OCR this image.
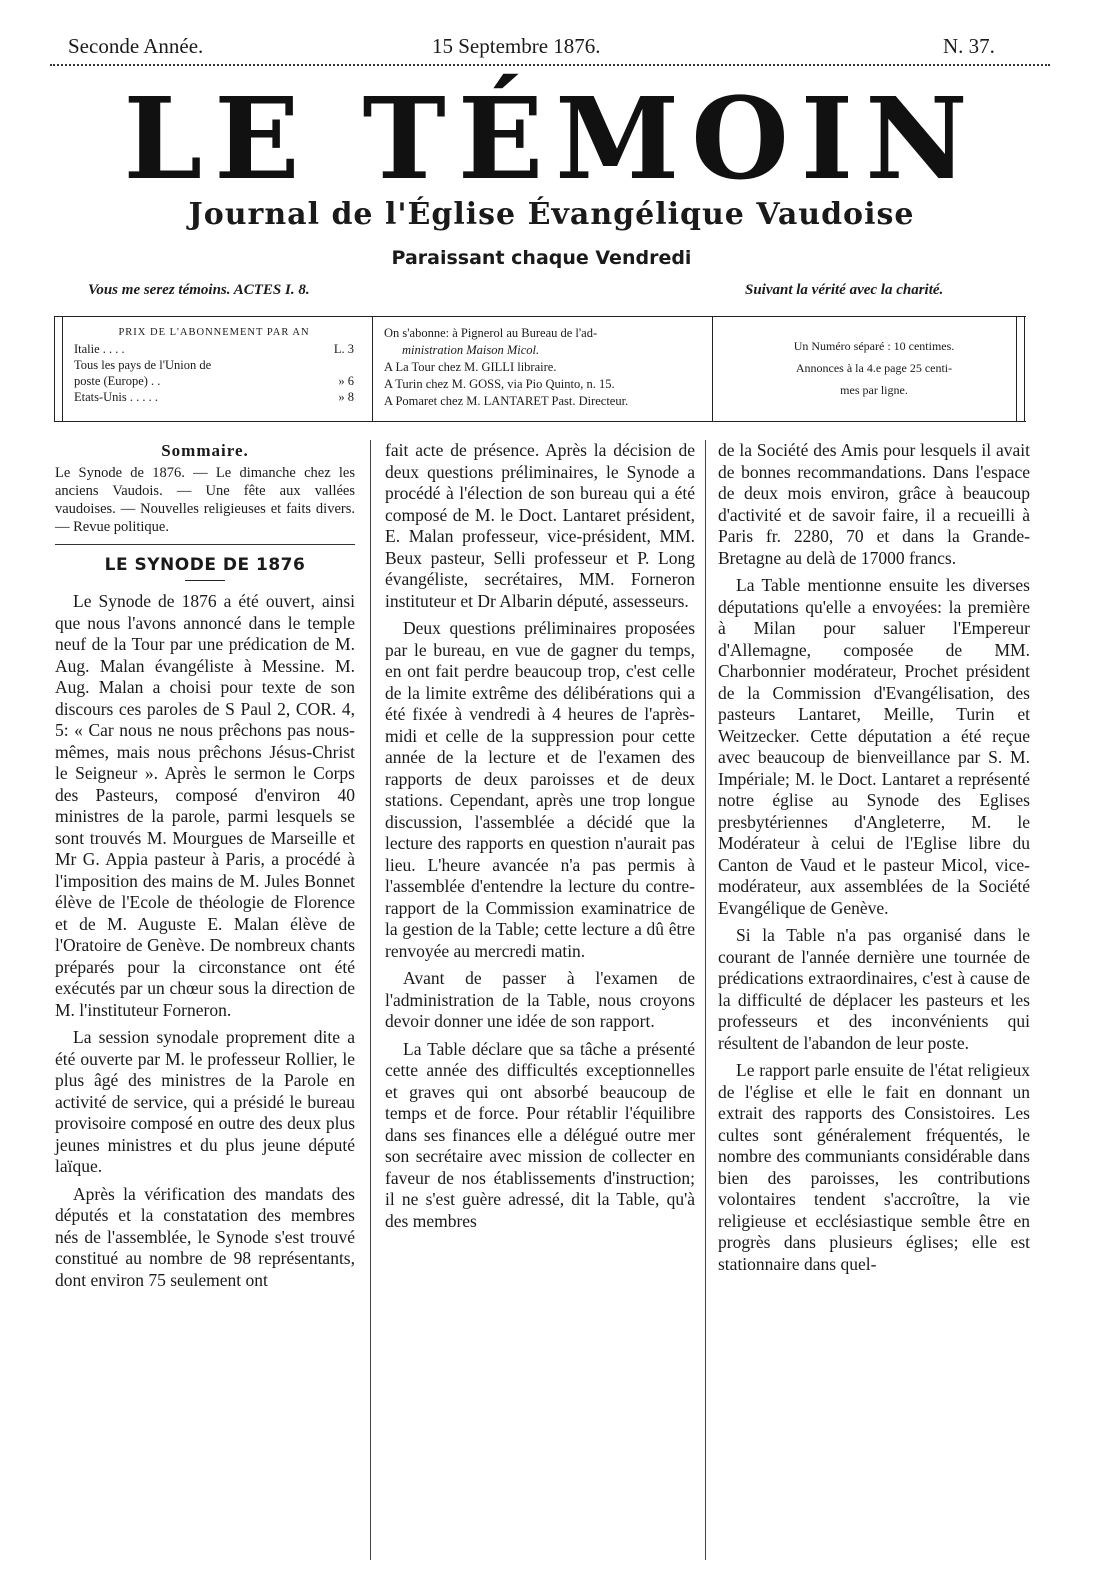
Seconde Année.	15 Septembre 1876.	N. 37.
LE TÉMOIN
Journal de l'Église Évangélique Vaudoise
Paraissant chaque Vendredi
Vous me serez témoins. ACTES I. 8.	Suivant la vérité avec la charité.
PRIX DE L'ABONNEMENT PAR AN
Italie . . . .	L. 3
Tous les pays de l'Union de
poste (Europe) . .	» 6
Etats-Unis . . . . .	» 8
On s'abonne: à Pignerol au Bureau de l'ad-
ministration Maison Micol.
A La Tour chez M. GILLI libraire.
A Turin chez M. GOSS, via Pio Quinto, n. 15.
A Pomaret chez M. LANTARET Past. Directeur.
Un Numéro séparé : 10 centimes.
Annonces à la 4.e page 25 centi-
mes par ligne.
Sommaire.
Le Synode de 1876. — Le dimanche chez les anciens Vaudois. — Une fête aux vallées vaudoises. — Nouvelles religieuses et faits divers. — Revue politique.
LE SYNODE DE 1876

Le Synode de 1876 a été ouvert, ainsi que nous l'avons annoncé dans le temple neuf de la Tour par une prédication de M. Aug. Malan évangéliste à Messine. M. Aug. Malan a choisi pour texte de son discours ces paroles de S Paul 2, COR. 4, 5: « Car nous ne nous prêchons pas nous-mêmes, mais nous prêchons Jésus-Christ le Seigneur ». Après le sermon le Corps des Pasteurs, composé d'environ 40 ministres de la parole, parmi lesquels se sont trouvés M. Mourgues de Marseille et Mr G. Appia pasteur à Paris, a procédé à l'imposition des mains de M. Jules Bonnet élève de l'Ecole de théologie de Florence et de M. Auguste E. Malan élève de l'Oratoire de Genève. De nombreux chants préparés pour la circonstance ont été exécutés par un chœur sous la direction de M. l'instituteur Forneron.

La session synodale proprement dite a été ouverte par M. le professeur Rollier, le plus âgé des ministres de la Parole en activité de service, qui a présidé le bureau provisoire composé en outre des deux plus jeunes ministres et du plus jeune député laïque.

Après la vérification des mandats des députés et la constatation des membres nés de l'assemblée, le Synode s'est trouvé constitué au nombre de 98 représentants, dont environ 75 seulement ont

fait acte de présence. Après la décision de deux questions préliminaires, le Synode a procédé à l'élection de son bureau qui a été composé de M. le Doct. Lantaret président, E. Malan professeur, vice-président, MM. Beux pasteur, Selli professeur et P. Long évangéliste, secrétaires, MM. Forneron instituteur et Dr Albarin député, assesseurs.

Deux questions préliminaires proposées par le bureau, en vue de gagner du temps, en ont fait perdre beaucoup trop, c'est celle de la limite extrême des délibérations qui a été fixée à vendredi à 4 heures de l'après-midi et celle de la suppression pour cette année de la lecture et de l'examen des rapports de deux paroisses et de deux stations. Cependant, après une trop longue discussion, l'assemblée a décidé que la lecture des rapports en question n'aurait pas lieu. L'heure avancée n'a pas permis à l'assemblée d'entendre la lecture du contre-rapport de la Commission examinatrice de la gestion de la Table; cette lecture a dû être renvoyée au mercredi matin.

Avant de passer à l'examen de l'administration de la Table, nous croyons devoir donner une idée de son rapport.

La Table déclare que sa tâche a présenté cette année des difficultés exceptionnelles et graves qui ont absorbé beaucoup de temps et de force. Pour rétablir l'équilibre dans ses finances elle a délégué outre mer son secrétaire avec mission de collecter en faveur de nos établissements d'instruction; il ne s'est guère adressé, dit la Table, qu'à des membres

de la Société des Amis pour lesquels il avait de bonnes recommandations. Dans l'espace de deux mois environ, grâce à beaucoup d'activité et de savoir faire, il a recueilli à Paris fr. 2280, 70 et dans la Grande-Bretagne au delà de 17000 francs.

La Table mentionne ensuite les diverses députations qu'elle a envoyées: la première à Milan pour saluer l'Empereur d'Allemagne, composée de MM. Charbonnier modérateur, Prochet président de la Commission d'Evangélisation, des pasteurs Lantaret, Meille, Turin et Weitzecker. Cette députation a été reçue avec beaucoup de bienveillance par S. M. Impériale; M. le Doct. Lantaret a représenté notre église au Synode des Eglises presbytériennes d'Angleterre, M. le Modérateur à celui de l'Eglise libre du Canton de Vaud et le pasteur Micol, vice-modérateur, aux assemblées de la Société Evangélique de Genève.

Si la Table n'a pas organisé dans le courant de l'année dernière une tournée de prédications extraordinaires, c'est à cause de la difficulté de déplacer les pasteurs et les professeurs et des inconvénients qui résultent de l'abandon de leur poste.

Le rapport parle ensuite de l'état religieux de l'église et elle le fait en donnant un extrait des rapports des Consistoires. Les cultes sont généralement fréquentés, le nombre des communiants considérable dans bien des paroisses, les contributions volontaires tendent s'accroître, la vie religieuse et ecclésiastique semble être en progrès dans plusieurs églises; elle est stationnaire dans quel-
